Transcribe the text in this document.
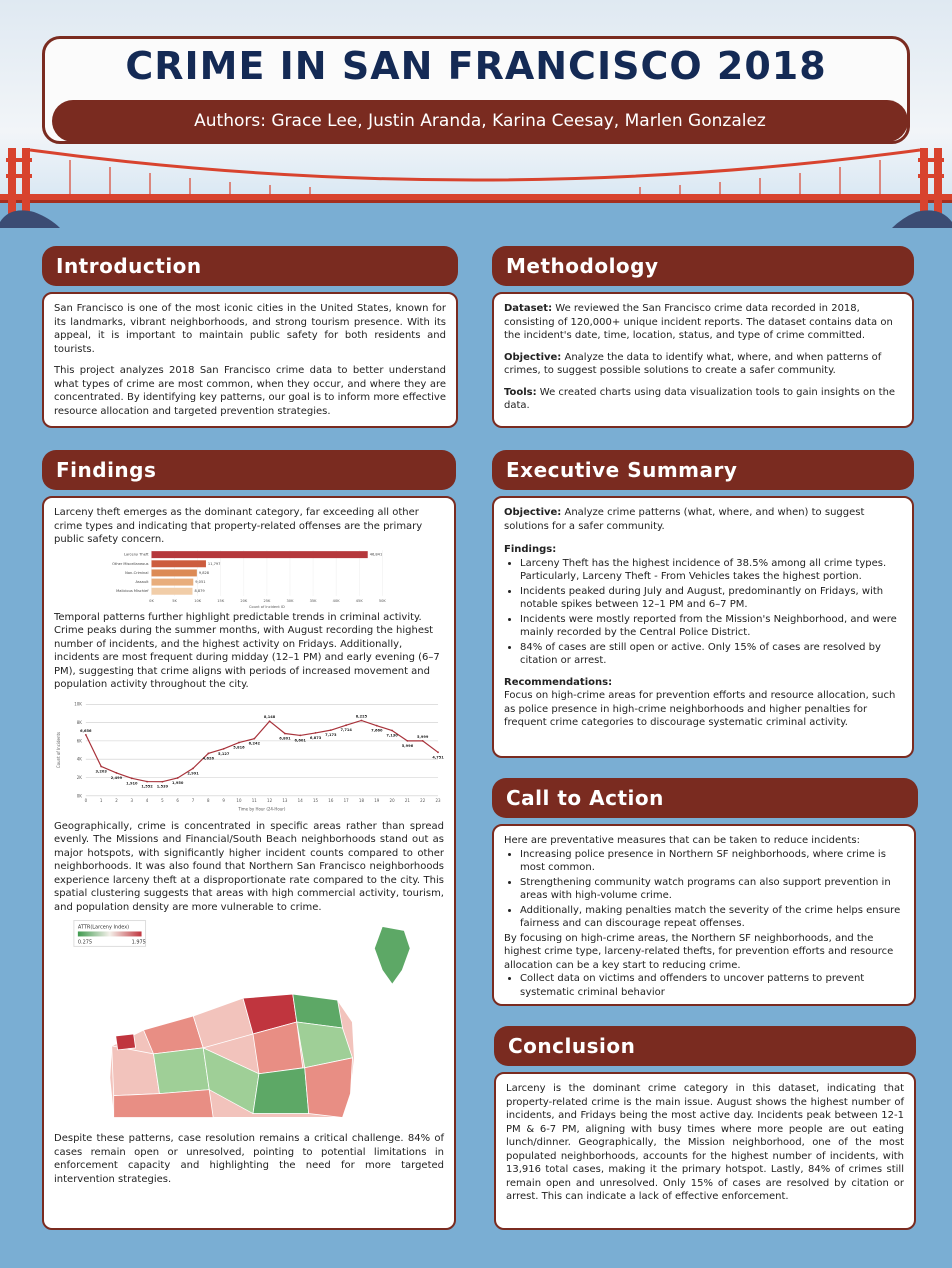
CRIME IN SAN FRANCISCO 2018
Authors: Grace Lee, Justin Aranda, Karina Ceesay, Marlen Gonzalez
Introduction

San Francisco is one of the most iconic cities in the United States, known for its landmarks, vibrant neighborhoods, and strong tourism presence. With its appeal, it is important to maintain public safety for both residents and tourists.

This project analyzes 2018 San Francisco crime data to better understand what types of crime are most common, when they occur, and where they are concentrated. By identifying key patterns, our goal is to inform more effective resource allocation and targeted prevention strategies.

Methodology

Dataset: We reviewed the San Francisco crime data recorded in 2018, consisting of 120,000+ unique incident reports. The dataset contains data on the incident's date, time, location, status, and type of crime committed.

Objective: Analyze the data to identify what, where, and when patterns of crimes, to suggest possible solutions to create a safer community.

Tools: We created charts using data visualization tools to gain insights on the data.

Findings

Larceny theft emerges as the dominant category, far exceeding all other crime types and indicating that property-related offenses are the primary public safety concern.

0K	5K	10K	15K	20K	25K	30K	35K	40K	45K	50K
Larceny Theft	46,841
Other Miscellaneous	11,797
Non-Criminal	9,828
Assault	9,051
Malicious Mischief	8,879
Count of Incident ID

Temporal patterns further highlight predictable trends in criminal activity. Crime peaks during the summer months, with August recording the highest number of incidents, and the highest activity on Fridays. Additionally, incidents are most frequent during midday (12–1 PM) and early evening (6–7 PM), suggesting that crime aligns with periods of increased movement and population activity throughout the city.

0K
2K
4K
6K
8K
10K
Count of Incidents
6,656
0
3,203
1
2,499
2
1,910
3
1,552
4
1,539
5
1,950
6
2,991
7
4,626
8
5,127
9
5,816
10
6,242
11
8,148
12
6,801
13
6,601
14
6,873
15
7,173
16
7,714
17
8,225
18
7,660
19
7,130
20
5,996
21
5,999
22
4,751
23
Time by Hour (24-Hour)

Geographically, crime is concentrated in specific areas rather than spread evenly. The Missions and Financial/South Beach neighborhoods stand out as major hotspots, with significantly higher incident counts compared to other neighborhoods. It was also found that Northern San Francisco neighborhoods experience larceny theft at a disproportionate rate compared to the city. This spatial clustering suggests that areas with high commercial activity, tourism, and population density are more vulnerable to crime.

ATTR(Larceny Index)
0.275	1.975

Despite these patterns, case resolution remains a critical challenge. 84% of cases remain open or unresolved, pointing to potential limitations in enforcement capacity and highlighting the need for more targeted intervention strategies.

Executive Summary

Objective: Analyze crime patterns (what, where, and when) to suggest solutions for a safer community.

Findings:

• Larceny Theft has the highest incidence of 38.5% among all crime types. Particularly, Larceny Theft - From Vehicles takes the highest portion.
• Incidents peaked during July and August, predominantly on Fridays, with notable spikes between 12–1 PM and 6–7 PM.
• Incidents were mostly reported from the Mission's Neighborhood, and were mainly recorded by the Central Police District.
• 84% of cases are still open or active. Only 15% of cases are resolved by citation or arrest.

Recommendations:

Focus on high-crime areas for prevention efforts and resource allocation, such as police presence in high-crime neighborhoods and higher penalties for frequent crime categories to discourage systematic criminal activity.

Call to Action

Here are preventative measures that can be taken to reduce incidents:

• Increasing police presence in Northern SF neighborhoods, where crime is most common.
• Strengthening community watch programs can also support prevention in areas with high-volume crime.
• Additionally, making penalties match the severity of the crime helps ensure fairness and can discourage repeat offenses.

By focusing on high-crime areas, the Northern SF neighborhoods, and the highest crime type, larceny-related thefts, for prevention efforts and resource allocation can be a key start to reducing crime.

• Collect data on victims and offenders to uncover patterns to prevent systematic criminal behavior
Conclusion

Larceny is the dominant crime category in this dataset, indicating that property-related crime is the main issue. August shows the highest number of incidents, and Fridays being the most active day. Incidents peak between 12-1 PM & 6-7 PM, aligning with busy times where more people are out eating lunch/dinner. Geographically, the Mission neighborhood, one of the most populated neighborhoods, accounts for the highest number of incidents, with 13,916 total cases, making it the primary hotspot. Lastly, 84% of crimes still remain open and unresolved. Only 15% of cases are resolved by citation or arrest. This can indicate a lack of effective enforcement.
